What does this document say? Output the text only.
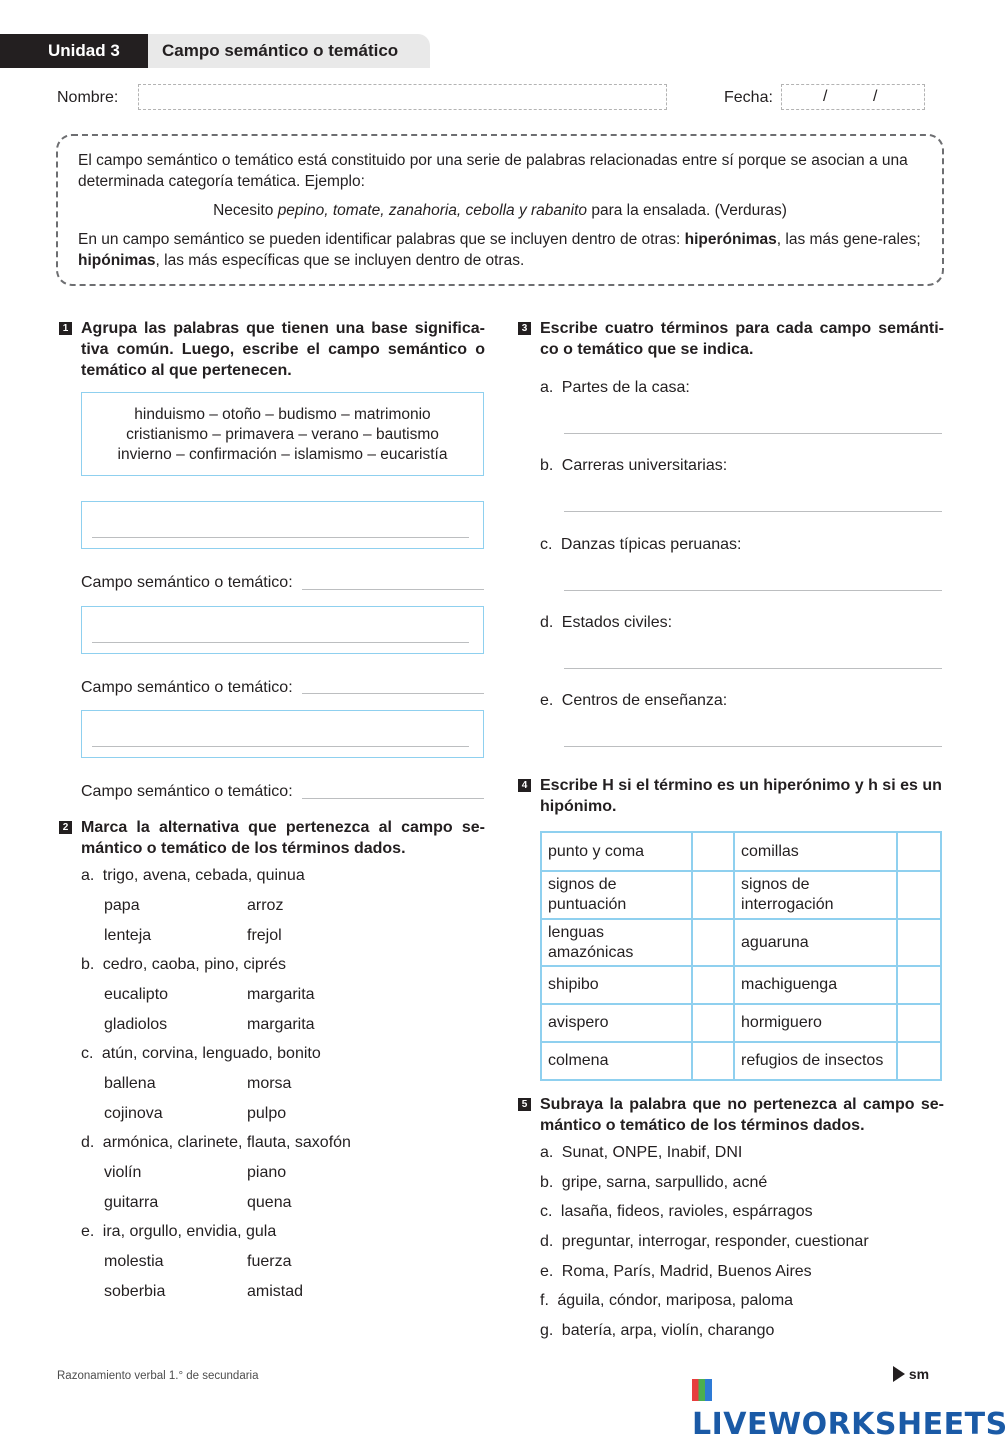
Unidad 3	Campo semántico o temático
Nombre:	Fecha:	/	/

El campo semántico o temático está constituido por una serie de palabras relacionadas entre sí porque se asocian a una determinada categoría temática. Ejemplo:

Necesito pepino, tomate, zanahoria, cebolla y rabanito para la ensalada. (Verduras)

En un campo semántico se pueden identificar palabras que se incluyen dentro de otras: hiperónimas, las más gene-rales; hipónimas, las más específicas que se incluyen dentro de otras.

1 Agrupa las palabras que tienen una base significa-tiva común. Luego, escribe el campo semántico o temático al que pertenecen.
hinduismo – otoño – budismo – matrimonio
cristianismo – primavera – verano – bautismo
invierno – confirmación – islamismo – eucaristía
Campo semántico o temático:
Campo semántico o temático:
Campo semántico o temático:
2 Marca la alternativa que pertenezca al campo se-mántico o temático de los términos dados.
a. trigo, avena, cebada, quinua
papa	arroz
lenteja	frejol
b. cedro, caoba, pino, ciprés
eucalipto	margarita
gladiolos	margarita
c. atún, corvina, lenguado, bonito
ballena	morsa
cojinova	pulpo
d. armónica, clarinete, flauta, saxofón
violín	piano
guitarra	quena
e. ira, orgullo, envidia, gula
molestia	fuerza
soberbia	amistad
3 Escribe cuatro términos para cada campo semánti-co o temático que se indica.
a. Partes de la casa:
b. Carreras universitarias:
c. Danzas típicas peruanas:
d. Estados civiles:
e. Centros de enseñanza:
4 Escribe H si el término es un hiperónimo y h si es un hipónimo.
punto y coma		comillas	
signos de puntuación		signos de interrogación	
lenguas amazónicas		aguaruna	
shipibo		machiguenga	
avispero		hormiguero	
colmena		refugios de insectos	
5 Subraya la palabra que no pertenezca al campo se-mántico o temático de los términos dados.
a. Sunat, ONPE, Inabif, DNI
b. gripe, sarna, sarpullido, acné
c. lasaña, fideos, ravioles, espárragos
d. preguntar, interrogar, responder, cuestionar
e. Roma, París, Madrid, Buenos Aires
f. águila, cóndor, mariposa, paloma
g. batería, arpa, violín, charango
Razonamiento verbal 1.° de secundaria	sm
LIVEWORKSHEETS
